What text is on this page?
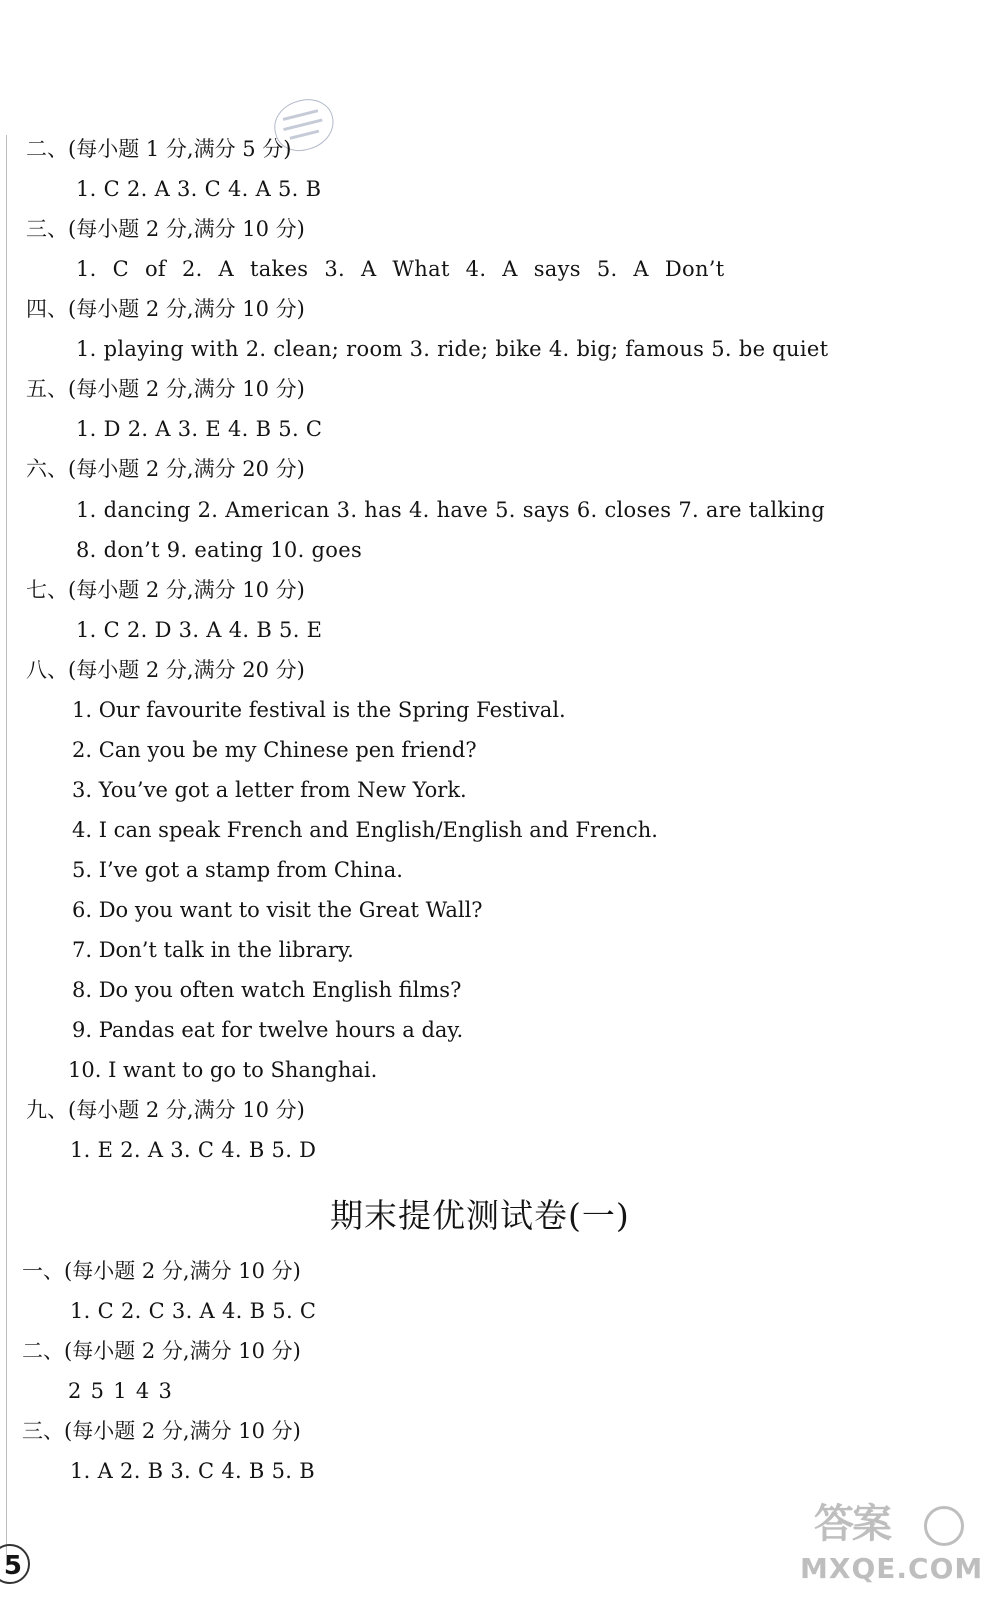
二、(每小题 1 分,满分 5 分)
1. C 2. A 3. C 4. A 5. B
三、(每小题 2 分,满分 10 分)
1. C of 2. A takes 3. A What 4. A says 5. A Don’t
四、(每小题 2 分,满分 10 分)
1. playing with 2. clean; room 3. ride; bike 4. big; famous 5. be quiet
五、(每小题 2 分,满分 10 分)
1. D 2. A 3. E 4. B 5. C
六、(每小题 2 分,满分 20 分)
1. dancing 2. American 3. has 4. have 5. says 6. closes 7. are talking
8. don’t 9. eating 10. goes
七、(每小题 2 分,满分 10 分)
1. C 2. D 3. A 4. B 5. E
八、(每小题 2 分,满分 20 分)
1. Our favourite festival is the Spring Festival.
2. Can you be my Chinese pen friend?
3. You’ve got a letter from New York.
4. I can speak French and English/English and French.
5. I’ve got a stamp from China.
6. Do you want to visit the Great Wall?
7. Don’t talk in the library.
8. Do you often watch English films?
9. Pandas eat for twelve hours a day.
10. I want to go to Shanghai.
九、(每小题 2 分,满分 10 分)
1. E 2. A 3. C 4. B 5. D
期末提优测试卷(一)
一、(每小题 2 分,满分 10 分)
1. C 2. C 3. A 4. B 5. C
二、(每小题 2 分,满分 10 分)
2 5 1 4 3
三、(每小题 2 分,满分 10 分)
1. A 2. B 3. C 4. B 5. B
5
答案
MXQE.COM
